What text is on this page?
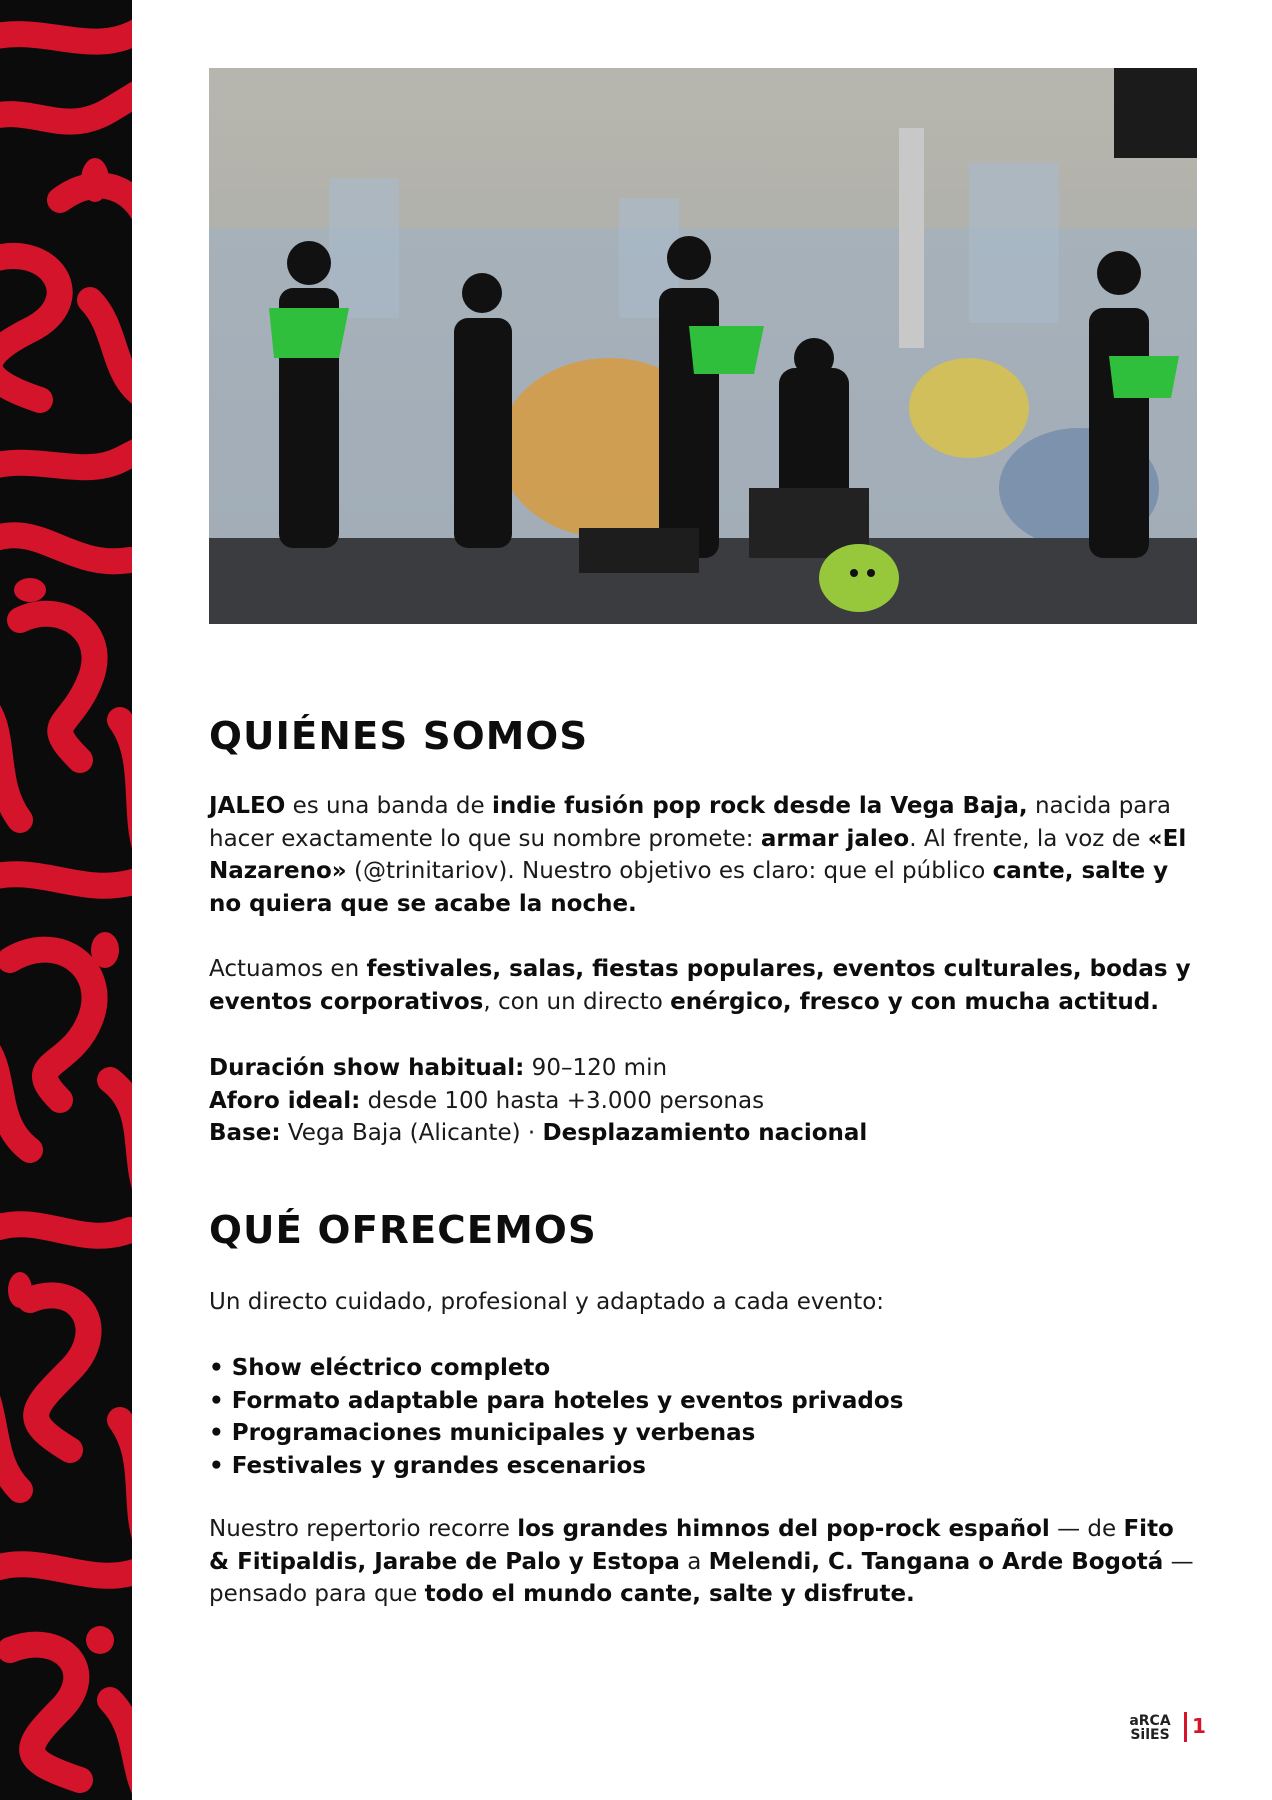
QUIÉNES SOMOS

JALEO es una banda de indie fusión pop rock desde la Vega Baja, nacida para hacer exactamente lo que su nombre promete: armar jaleo. Al frente, la voz de «El Nazareno» (@trinitariov). Nuestro objetivo es claro: que el público cante, salte y no quiera que se acabe la noche.

Actuamos en festivales, salas, fiestas populares, eventos culturales, bodas y eventos corporativos, con un directo enérgico, fresco y con mucha actitud.

Duración show habitual: 90–120 min
Aforo ideal: desde 100 hasta +3.000 personas
Base: Vega Baja (Alicante) · Desplazamiento nacional
QUÉ OFRECEMOS

Un directo cuidado, profesional y adaptado a cada evento:

• Show eléctrico completo
• Formato adaptable para hoteles y eventos privados
• Programaciones municipales y verbenas
• Festivales y grandes escenarios

Nuestro repertorio recorre los grandes himnos del pop-rock español — de Fito & Fitipaldis, Jarabe de Palo y Estopa a Melendi, C. Tangana o Arde Bogotá — pensado para que todo el mundo cante, salte y disfrute.

aRCA
SilES 1
